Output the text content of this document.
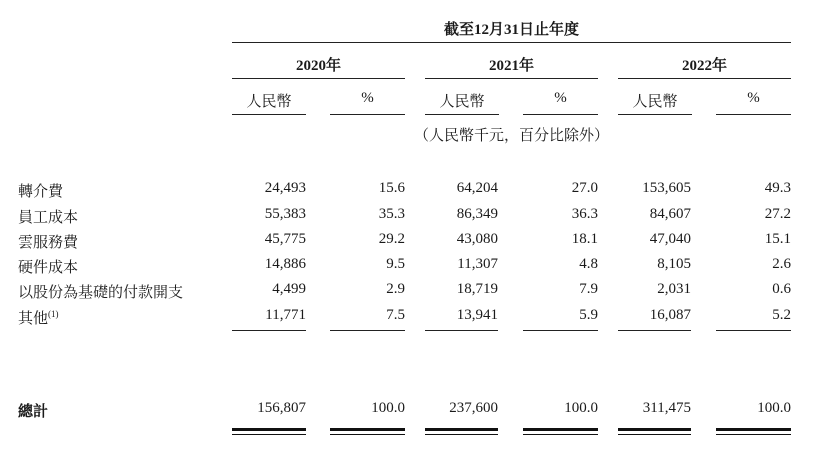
截至12月31日止年度
2020年	2021年	2022年
人民幣	%	人民幣	%	人民幣	%
（人民幣千元，百分比除外）
轉介費	24,493	15.6	64,204	27.0	153,605	49.3
員工成本	55,383	35.3	86,349	36.3	84,607	27.2
雲服務費	45,775	29.2	43,080	18.1	47,040	15.1
硬件成本	14,886	9.5	11,307	4.8	8,105	2.6
以股份為基礎的付款開支	4,499	2.9	18,719	7.9	2,031	0.6
其他$^{(1)}$	11,771	7.5	13,941	5.9	16,087	5.2
總計	156,807	100.0	237,600	100.0	311,475	100.0
